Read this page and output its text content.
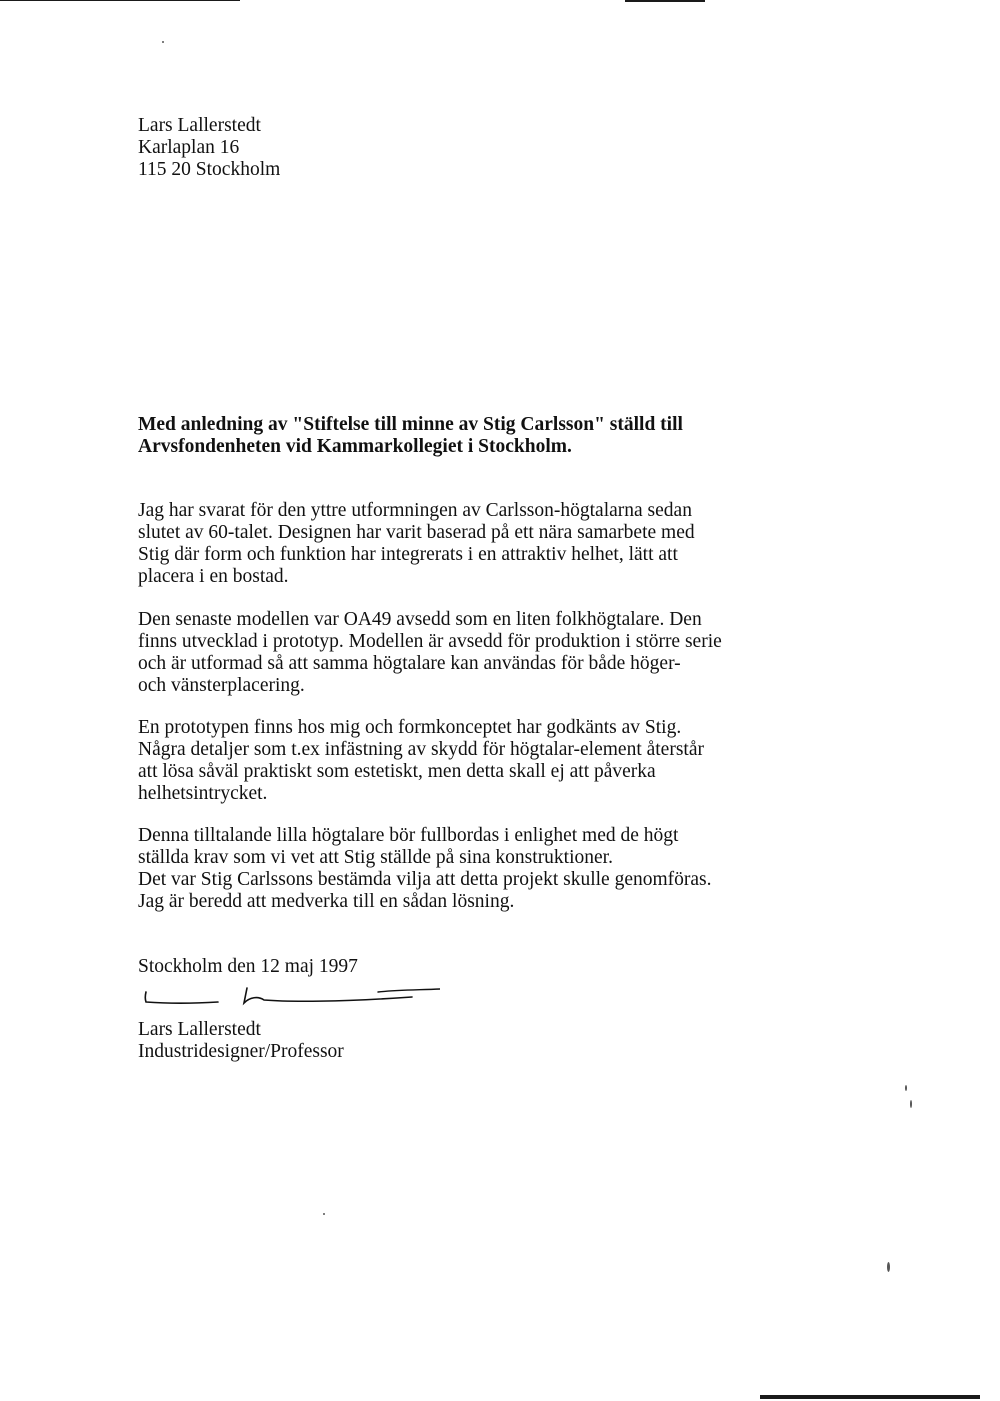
Lars Lallerstedt
Karlaplan 16
115 20 Stockholm
Med anledning av "Stiftelse till minne av Stig Carlsson" ställd till
Arvsfondenheten vid Kammarkollegiet i Stockholm.
Jag har svarat för den yttre utformningen av Carlsson-högtalarna sedan
slutet av 60-talet. Designen har varit baserad på ett nära samarbete med
Stig där form och funktion har integrerats i en attraktiv helhet, lätt att
placera i en bostad.
Den senaste modellen var OA49 avsedd som en liten folkhögtalare. Den
finns utvecklad i prototyp. Modellen är avsedd för produktion i större serie
och är utformad så att samma högtalare kan användas för både höger-
och vänsterplacering.
En prototypen finns hos mig och formkonceptet har godkänts av Stig.
Några detaljer som t.ex infästning av skydd för högtalar-element återstår
att lösa såväl praktiskt som estetiskt, men detta skall ej att påverka
helhetsintrycket.
Denna tilltalande lilla högtalare bör fullbordas i enlighet med de högt
ställda krav som vi vet att Stig ställde på sina konstruktioner.
Det var Stig Carlssons bestämda vilja att detta projekt skulle genomföras.
Jag är beredd att medverka till en sådan lösning.
Stockholm den 12 maj 1997
Lars Lallerstedt
Industridesigner/Professor
